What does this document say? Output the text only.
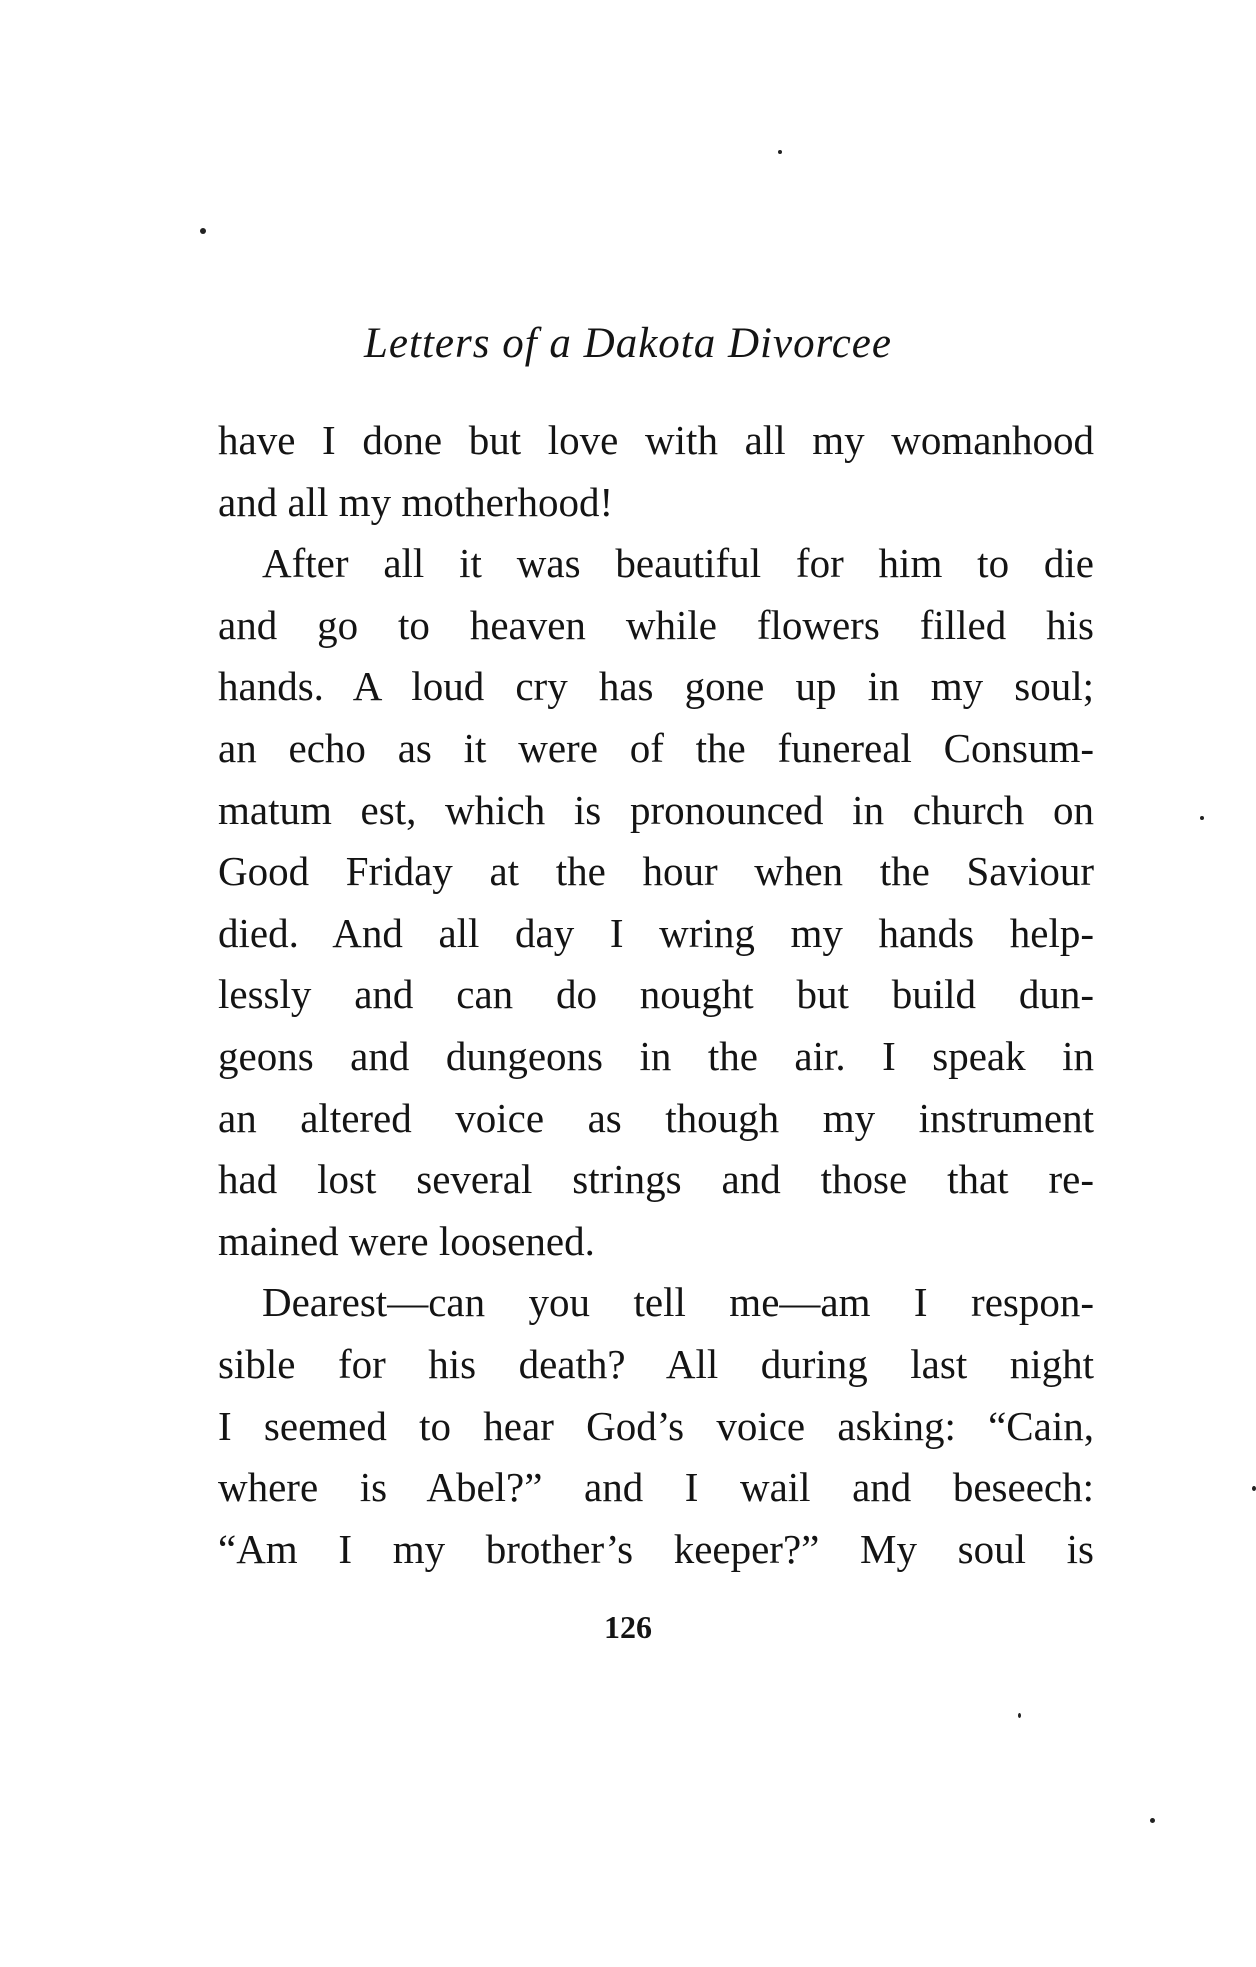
Letters of a Dakota Divorcee
have I done but love with all my womanhood
and all my motherhood!
After all it was beautiful for him to die
and go to heaven while flowers filled his
hands. A loud cry has gone up in my soul;
an echo as it were of the funereal Consum-
matum est, which is pronounced in church on
Good Friday at the hour when the Saviour
died. And all day I wring my hands help-
lessly and can do nought but build dun-
geons and dungeons in the air. I speak in
an altered voice as though my instrument
had lost several strings and those that re-
mained were loosened.
Dearest—can you tell me—am I respon-
sible for his death? All during last night
I seemed to hear God’s voice asking: “Cain,
where is Abel?” and I wail and beseech:
“Am I my brother’s keeper?” My soul is
126
